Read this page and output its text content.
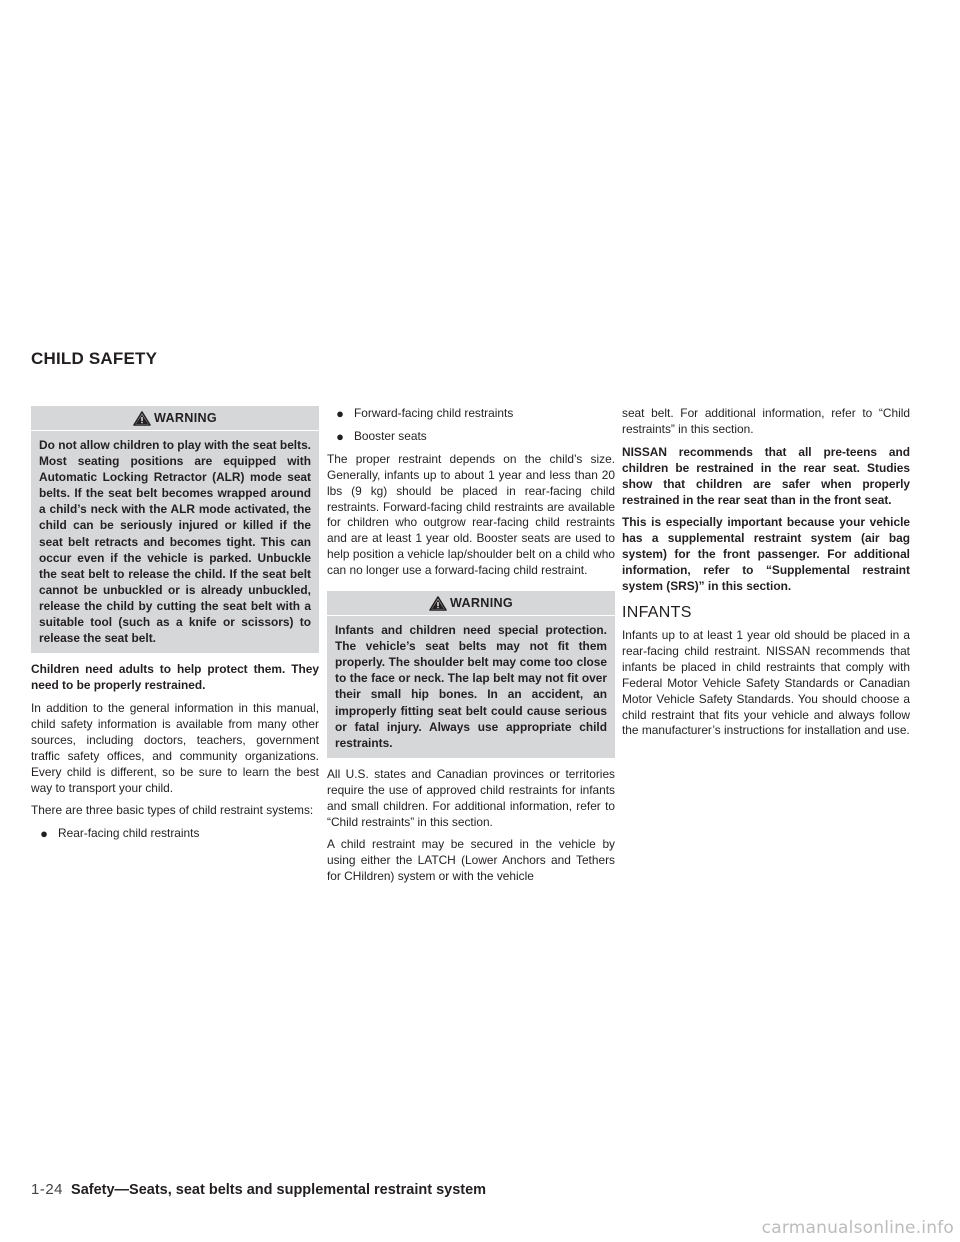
CHILD SAFETY
WARNING

Do not allow children to play with the seat belts. Most seating positions are equipped with Automatic Locking Retractor (ALR) mode seat belts. If the seat belt becomes wrapped around a child’s neck with the ALR mode activated, the child can be seriously injured or killed if the seat belt retracts and becomes tight. This can occur even if the vehicle is parked. Unbuckle the seat belt to release the child. If the seat belt cannot be unbuckled or is already unbuckled, release the child by cutting the seat belt with a suitable tool (such as a knife or scissors) to release the seat belt.

Children need adults to help protect them. They need to be properly restrained.

In addition to the general information in this manual, child safety information is available from many other sources, including doctors, teachers, government traffic safety offices, and community organizations. Every child is different, so be sure to learn the best way to transport your child.

There are three basic types of child restraint systems:

● Rear-facing child restraints
● Forward-facing child restraints
● Booster seats

The proper restraint depends on the child’s size. Generally, infants up to about 1 year and less than 20 lbs (9 kg) should be placed in rear-facing child restraints. Forward-facing child restraints are available for children who outgrow rear-facing child restraints and are at least 1 year old. Booster seats are used to help position a vehicle lap/shoulder belt on a child who can no longer use a forward-facing child restraint.

WARNING

Infants and children need special protection. The vehicle’s seat belts may not fit them properly. The shoulder belt may come too close to the face or neck. The lap belt may not fit over their small hip bones. In an accident, an improperly fitting seat belt could cause serious or fatal injury. Always use appropriate child restraints.

All U.S. states and Canadian provinces or territories require the use of approved child restraints for infants and small children. For additional information, refer to “Child restraints” in this section.

A child restraint may be secured in the vehicle by using either the LATCH (Lower Anchors and Tethers for CHildren) system or with the vehicle

seat belt. For additional information, refer to “Child restraints” in this section.

NISSAN recommends that all pre-teens and children be restrained in the rear seat. Studies show that children are safer when properly restrained in the rear seat than in the front seat.

This is especially important because your vehicle has a supplemental restraint system (air bag system) for the front passenger. For additional information, refer to “Supplemental restraint system (SRS)” in this section.

INFANTS

Infants up to at least 1 year old should be placed in a rear-facing child restraint. NISSAN recommends that infants be placed in child restraints that comply with Federal Motor Vehicle Safety Standards or Canadian Motor Vehicle Safety Standards. You should choose a child restraint that fits your vehicle and always follow the manufacturer’s instructions for installation and use.

1-24 Safety—Seats, seat belts and supplemental restraint system
carmanualsonline.info
